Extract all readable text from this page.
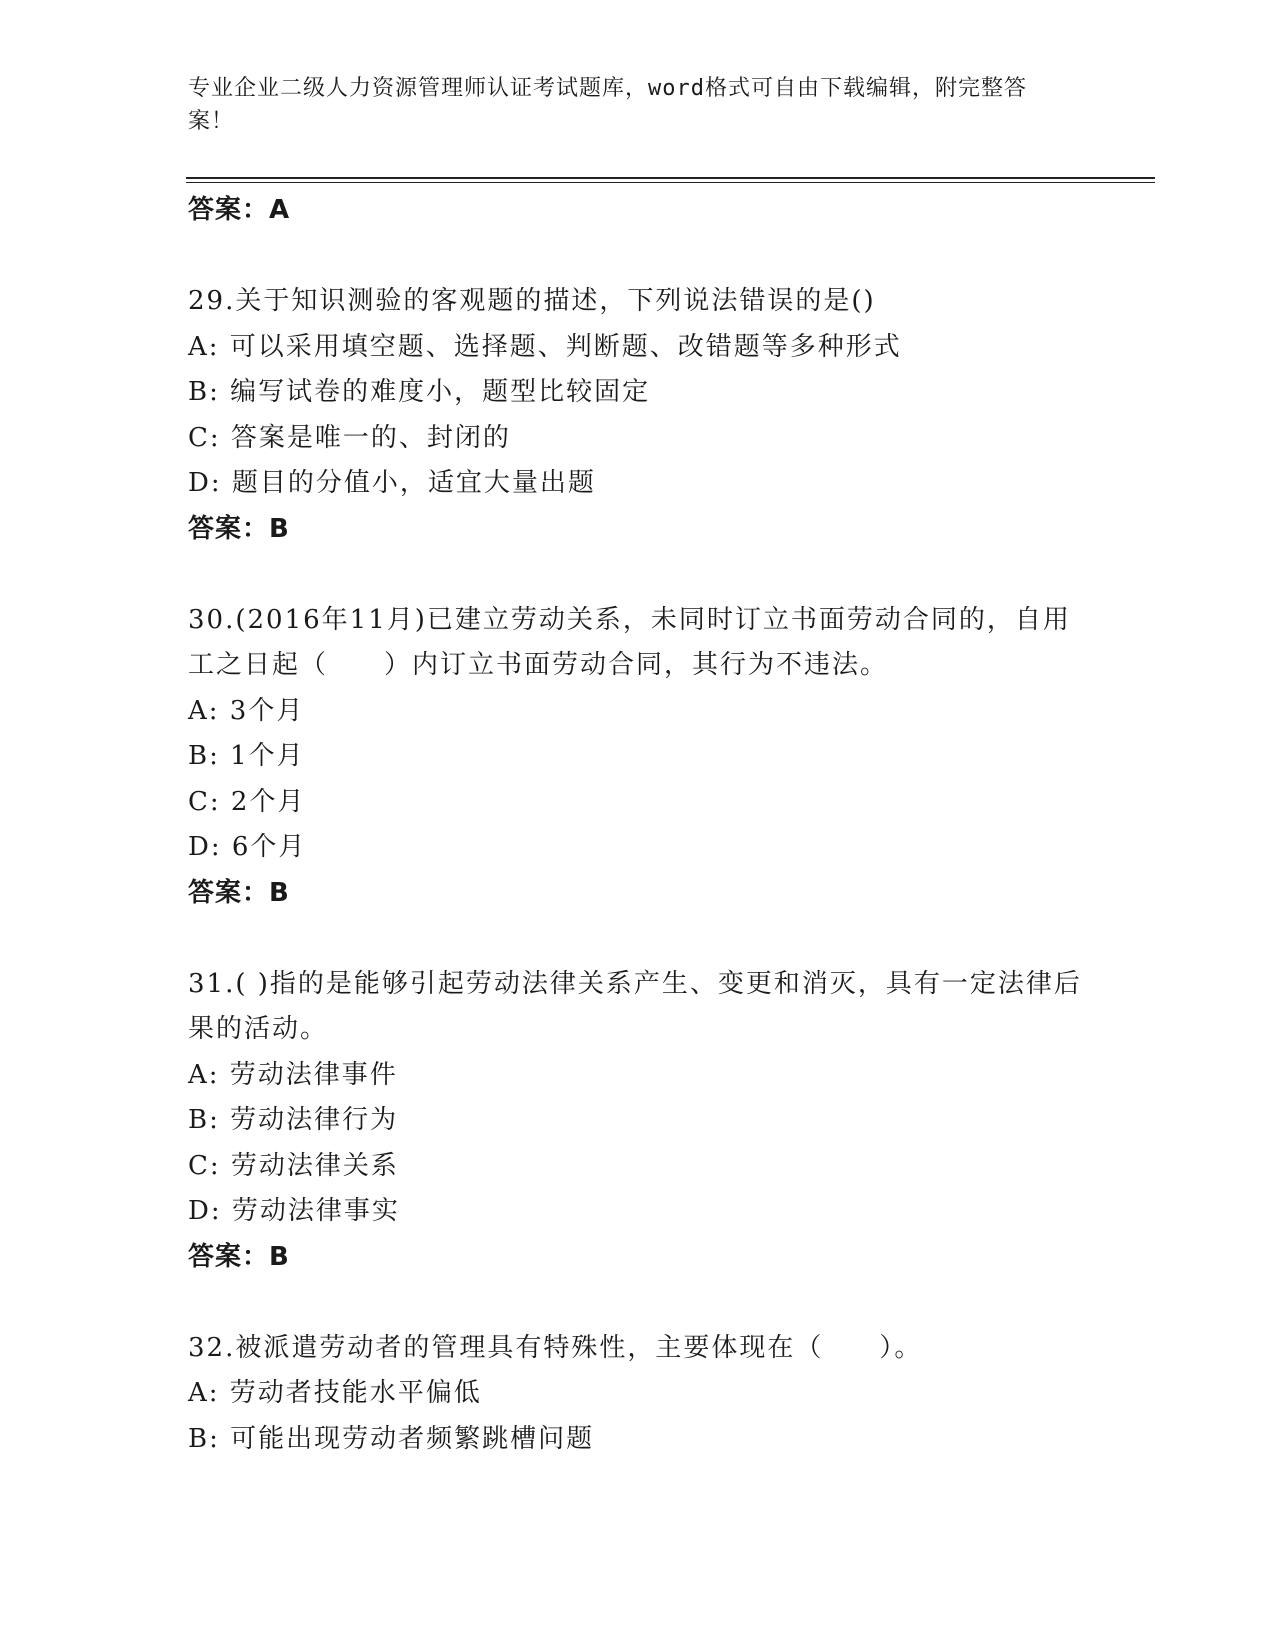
专业企业二级人力资源管理师认证考试题库，word格式可自由下载编辑，附完整答案！
答案：A
29.关于知识测验的客观题的描述，下列说法错误的是()
A: 可以采用填空题、选择题、判断题、改错题等多种形式
B: 编写试卷的难度小，题型比较固定
C: 答案是唯一的、封闭的
D: 题目的分值小，适宜大量出题
答案：B
30.(2016年11月)已建立劳动关系，未同时订立书面劳动合同的，自用工之日起（　　）内订立书面劳动合同，其行为不违法。
A: 3个月
B: 1个月
C: 2个月
D: 6个月
答案：B
31.( )指的是能够引起劳动法律关系产生、变更和消灭，具有一定法律后果的活动。
A: 劳动法律事件
B: 劳动法律行为
C: 劳动法律关系
D: 劳动法律事实
答案：B
32.被派遣劳动者的管理具有特殊性，主要体现在（　　）。
A: 劳动者技能水平偏低
B: 可能出现劳动者频繁跳槽问题
